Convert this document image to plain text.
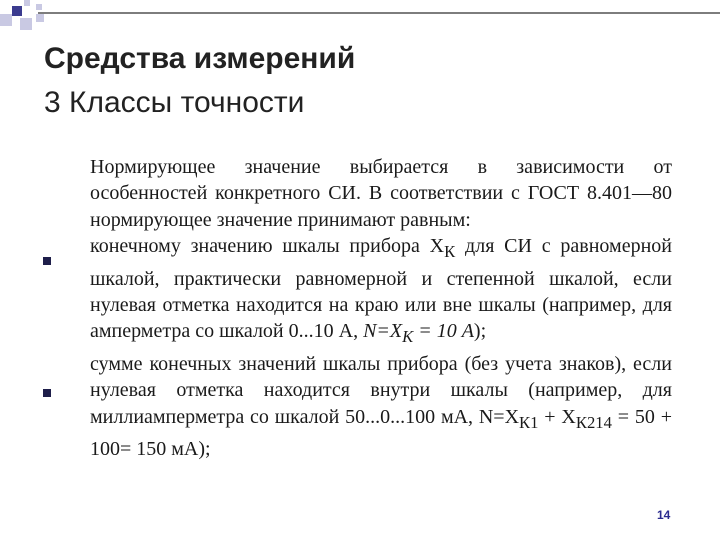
Средства измерений
3 Классы точности

Нормирующее значение выбирается в зависимости от особенностей конкретного СИ. В соответствии с ГОСТ 8.401—80 нормирующее значение принимают равным:

конечному значению шкалы прибора $X_К$ для СИ с равномерной шкалой, практически равномерной и степенной шкалой, если нулевая отметка находится на краю или вне шкалы (например, для амперметра со шкалой 0...10 А, $N=X_К = 10$ А);

сумме конечных значений шкалы прибора (без учета знаков), если нулевая отметка находится внутри шкалы (например, для миллиамперметра со шкалой 50...0...100 мА, $N=X_{К1} + X_{К214} = 50 + 100= 150$ мА);

14
